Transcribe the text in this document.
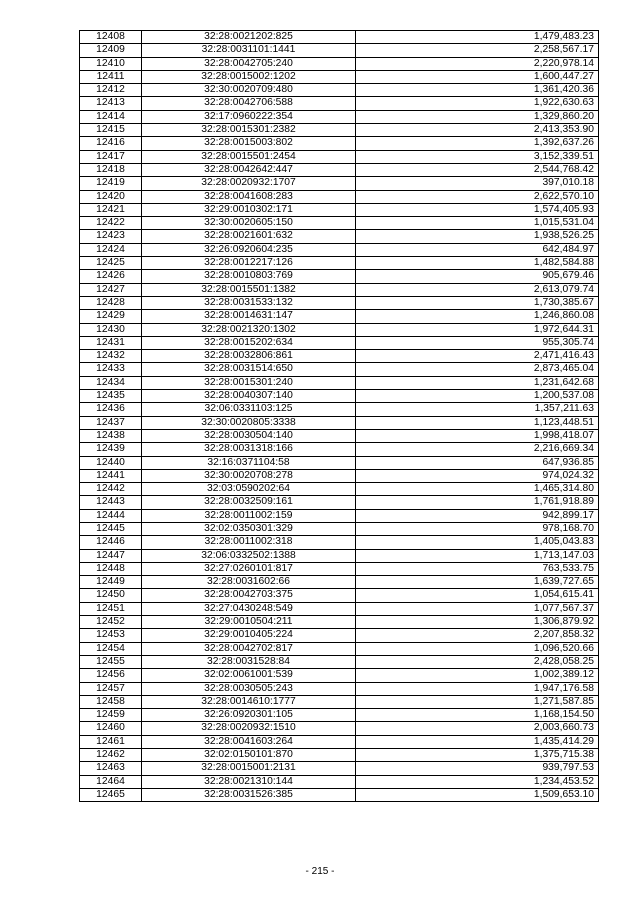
12408	32:28:0021202:825	1,479,483.23
12409	32:28:0031101:1441	2,258,567.17
12410	32:28:0042705:240	2,220,978.14
12411	32:28:0015002:1202	1,600,447.27
12412	32:30:0020709:480	1,361,420.36
12413	32:28:0042706:588	1,922,630.63
12414	32:17:0960222:354	1,329,860.20
12415	32:28:0015301:2382	2,413,353.90
12416	32:28:0015003:802	1,392,637.26
12417	32:28:0015501:2454	3,152,339.51
12418	32:28:0042642:447	2,544,768.42
12419	32:28:0020932:1707	397,010.18
12420	32:28:0041608:283	2,622,570.10
12421	32:29:0010302:171	1,574,405.93
12422	32:30:0020605:150	1,015,531.04
12423	32:28:0021601:632	1,938,526.25
12424	32:26:0920604:235	642,484.97
12425	32:28:0012217:126	1,482,584.88
12426	32:28:0010803:769	905,679.46
12427	32:28:0015501:1382	2,613,079.74
12428	32:28:0031533:132	1,730,385.67
12429	32:28:0014631:147	1,246,860.08
12430	32:28:0021320:1302	1,972,644.31
12431	32:28:0015202:634	955,305.74
12432	32:28:0032806:861	2,471,416.43
12433	32:28:0031514:650	2,873,465.04
12434	32:28:0015301:240	1,231,642.68
12435	32:28:0040307:140	1,200,537.08
12436	32:06:0331103:125	1,357,211.63
12437	32:30:0020805:3338	1,123,448.51
12438	32:28:0030504:140	1,998,418.07
12439	32:28:0031318:166	2,216,669.34
12440	32:16:0371104:58	647,936.85
12441	32:30:0020708:278	974,024.32
12442	32:03:0590202:64	1,465,314.80
12443	32:28:0032509:161	1,761,918.89
12444	32:28:0011002:159	942,899.17
12445	32:02:0350301:329	978,168.70
12446	32:28:0011002:318	1,405,043.83
12447	32:06:0332502:1388	1,713,147.03
12448	32:27:0260101:817	763,533.75
12449	32:28:0031602:66	1,639,727.65
12450	32:28:0042703:375	1,054,615.41
12451	32:27:0430248:549	1,077,567.37
12452	32:29:0010504:211	1,306,879.92
12453	32:29:0010405:224	2,207,858.32
12454	32:28:0042702:817	1,096,520.66
12455	32:28:0031528:84	2,428,058.25
12456	32:02:0061001:539	1,002,389.12
12457	32:28:0030505:243	1,947,176.58
12458	32:28:0014610:1777	1,271,587.85
12459	32:26:0920301:105	1,168,154.50
12460	32:28:0020932:1510	2,003,660.73
12461	32:28:0041603:264	1,435,414.29
12462	32:02:0150101:870	1,375,715.38
12463	32:28:0015001:2131	939,797.53
12464	32:28:0021310:144	1,234,453.52
12465	32:28:0031526:385	1,509,653.10
- 215 -
